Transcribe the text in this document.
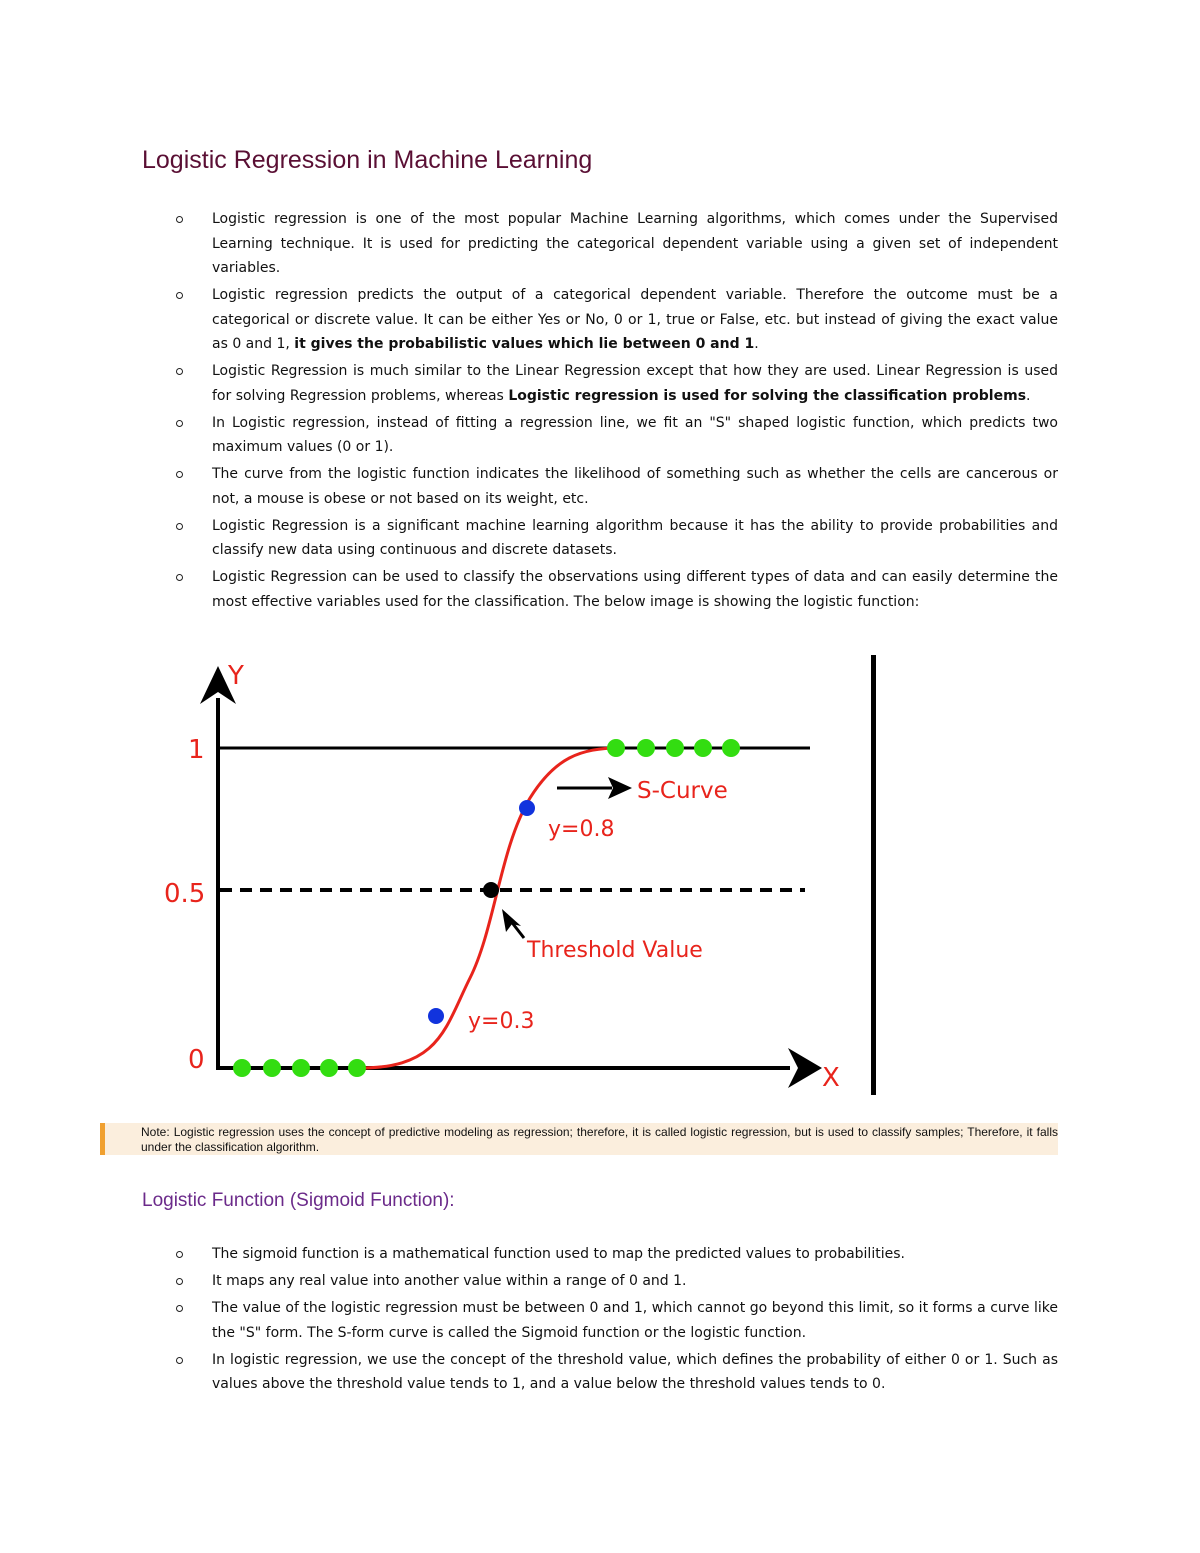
Logistic Regression in Machine Learning
Logistic regression is one of the most popular Machine Learning algorithms, which comes under the Supervised Learning technique. It is used for predicting the categorical dependent variable using a given set of independent variables.
Logistic regression predicts the output of a categorical dependent variable. Therefore the outcome must be a categorical or discrete value. It can be either Yes or No, 0 or 1, true or False, etc. but instead of giving the exact value as 0 and 1, it gives the probabilistic values which lie between 0 and 1.
Logistic Regression is much similar to the Linear Regression except that how they are used. Linear Regression is used for solving Regression problems, whereas Logistic regression is used for solving the classification problems.
In Logistic regression, instead of fitting a regression line, we fit an "S" shaped logistic function, which predicts two maximum values (0 or 1).
The curve from the logistic function indicates the likelihood of something such as whether the cells are cancerous or not, a mouse is obese or not based on its weight, etc.
Logistic Regression is a significant machine learning algorithm because it has the ability to provide probabilities and classify new data using continuous and discrete datasets.
Logistic Regression can be used to classify the observations using different types of data and can easily determine the most effective variables used for the classification. The below image is showing the logistic function:
Y
X
1
0.5
0
S-Curve
y=0.8
y=0.3
Threshold Value
Note: Logistic regression uses the concept of predictive modeling as regression; therefore, it is called logistic regression, but is used to classify samples; Therefore, it falls under the classification algorithm.
Logistic Function (Sigmoid Function):
The sigmoid function is a mathematical function used to map the predicted values to probabilities.
It maps any real value into another value within a range of 0 and 1.
The value of the logistic regression must be between 0 and 1, which cannot go beyond this limit, so it forms a curve like the "S" form. The S-form curve is called the Sigmoid function or the logistic function.
In logistic regression, we use the concept of the threshold value, which defines the probability of either 0 or 1. Such as values above the threshold value tends to 1, and a value below the threshold values tends to 0.
